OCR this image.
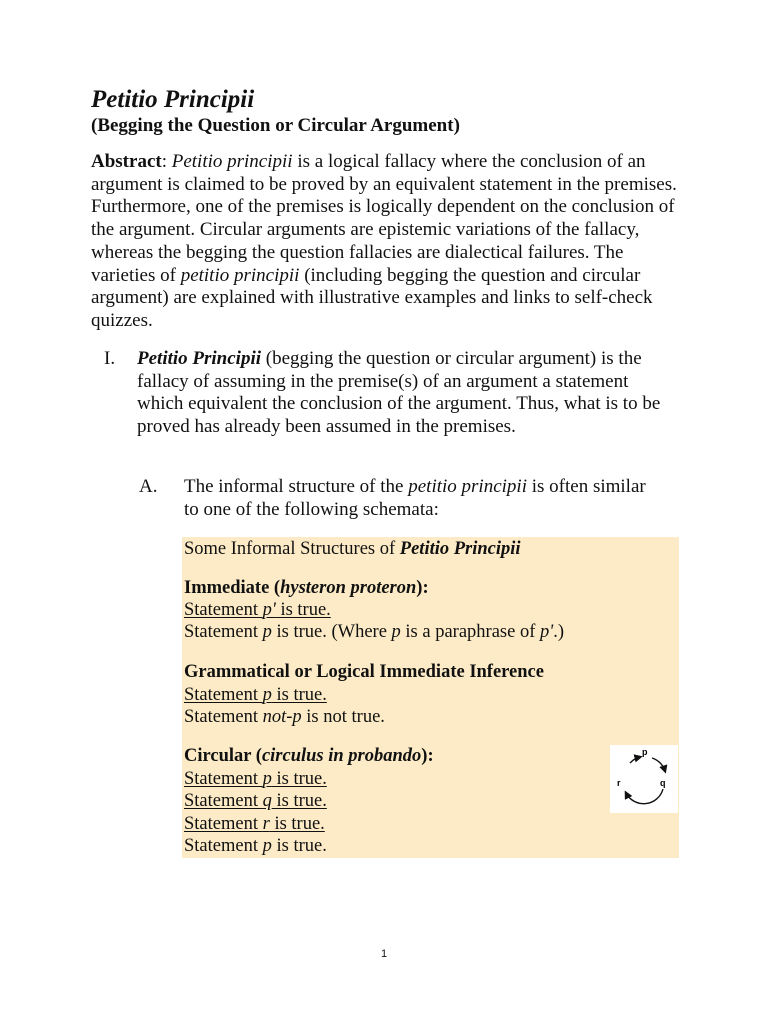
Petitio Principii
(Begging the Question or Circular Argument)

Abstract: Petitio principii is a logical fallacy where the conclusion of an argument is claimed to be proved by an equivalent statement in the premises. Furthermore, one of the premises is logically dependent on the conclusion of the argument. Circular arguments are epistemic variations of the fallacy, whereas the begging the question fallacies are dialectical failures. The varieties of petitio principii (including begging the question and circular argument) are explained with illustrative examples and links to self-check quizzes.

I. Petitio Principii (begging the question or circular argument) is the fallacy of assuming in the premise(s) of an argument a statement which equivalent the conclusion of the argument. Thus, what is to be proved has already been assumed in the premises.

A. The informal structure of the petitio principii is often similar to one of the following schemata:

Some Informal Structures of Petitio Principii
Immediate (hysteron proteron):
Statement p' is true.
Statement p is true. (Where p is a paraphrase of p'.)
Grammatical or Logical Immediate Inference
Statement p is true.
Statement not-p is not true.
Circular (circulus in probando):
Statement p is true.
Statement q is true.
Statement r is true.
Statement p is true.
p
q
r
1
